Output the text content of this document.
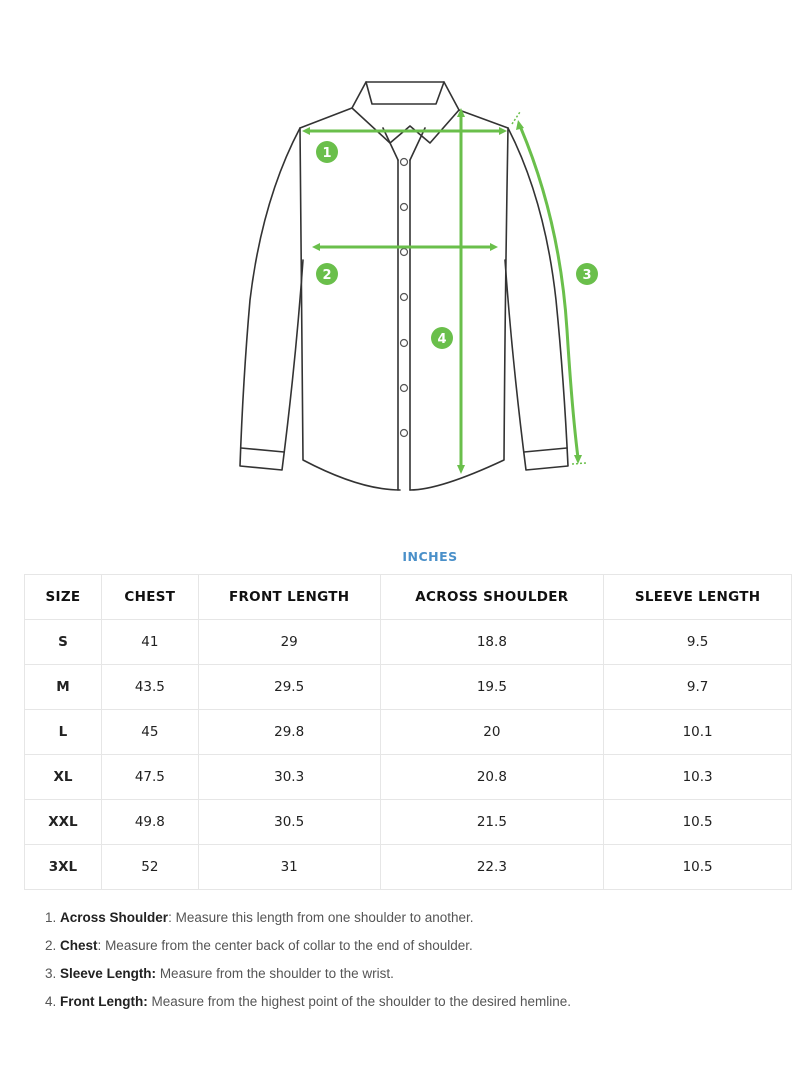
1
2	3
4
INCHES
SIZE	CHEST	FRONT LENGTH	ACROSS SHOULDER	SLEEVE LENGTH
S	41	29	18.8	9.5
M	43.5	29.5	19.5	9.7
L	45	29.8	20	10.1
XL	47.5	30.3	20.8	10.3
XXL	49.8	30.5	21.5	10.5
3XL	52	31	22.3	10.5
1. Across Shoulder: Measure this length from one shoulder to another.
2. Chest: Measure from the center back of collar to the end of shoulder.
3. Sleeve Length: Measure from the shoulder to the wrist.
4. Front Length: Measure from the highest point of the shoulder to the desired hemline.
